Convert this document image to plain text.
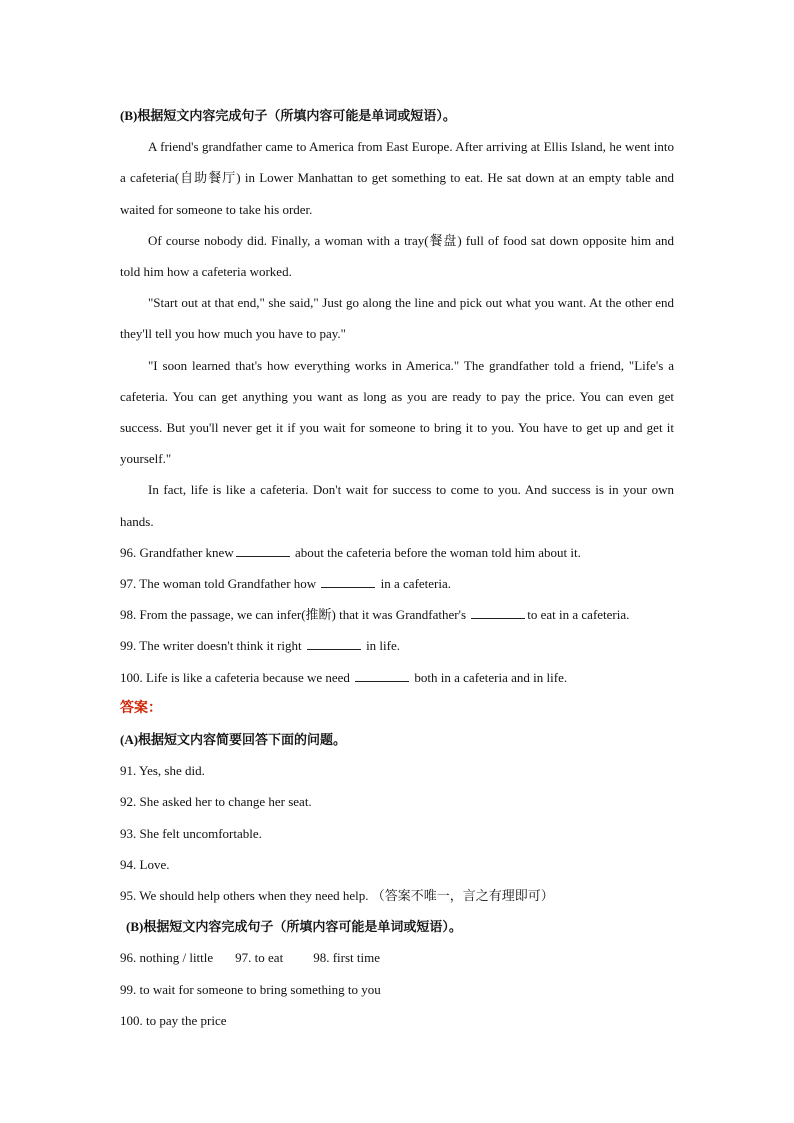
(B)根据短文内容完成句子（所填内容可能是单词或短语）。
A friend's grandfather came to America from East Europe. After arriving at Ellis Island, he went into a cafeteria(自助餐厅) in Lower Manhattan to get something to eat. He sat down at an empty table and waited for someone to take his order.
Of course nobody did. Finally, a woman with a tray(餐盘) full of food sat down opposite him and told him how a cafeteria worked.
"Start out at that end," she said," Just go along the line and pick out what you want. At the other end they'll tell you how much you have to pay."
"I soon learned that's how everything works in America." The grandfather told a friend, "Life's a cafeteria. You can get anything you want as long as you are ready to pay the price. You can even get success. But you'll never get it if you wait for someone to bring it to you. You have to get up and get it yourself."
In fact, life is like a cafeteria. Don't wait for success to come to you. And success is in your own hands.
96. Grandfather knew	about the cafeteria before the woman told him about it.
97. The woman told Grandfather how	in a cafeteria.
98. From the passage, we can infer(推断) that it was Grandfather's	to eat in a cafeteria.
99. The writer doesn't think it right	in life.
100. Life is like a cafeteria because we need	both in a cafeteria and in life.
答案：
(A)根据短文内容简要回答下面的问题。
91. Yes, she did.
92. She asked her to change her seat.
93. She felt uncomfortable.
94. Love.
95. We should help others when they need help. （答案不唯一，言之有理即可）
(B)根据短文内容完成句子（所填内容可能是单词或短语）。
96. nothing / little 97. to eat 98. first time
99. to wait for someone to bring something to you
100. to pay the price
